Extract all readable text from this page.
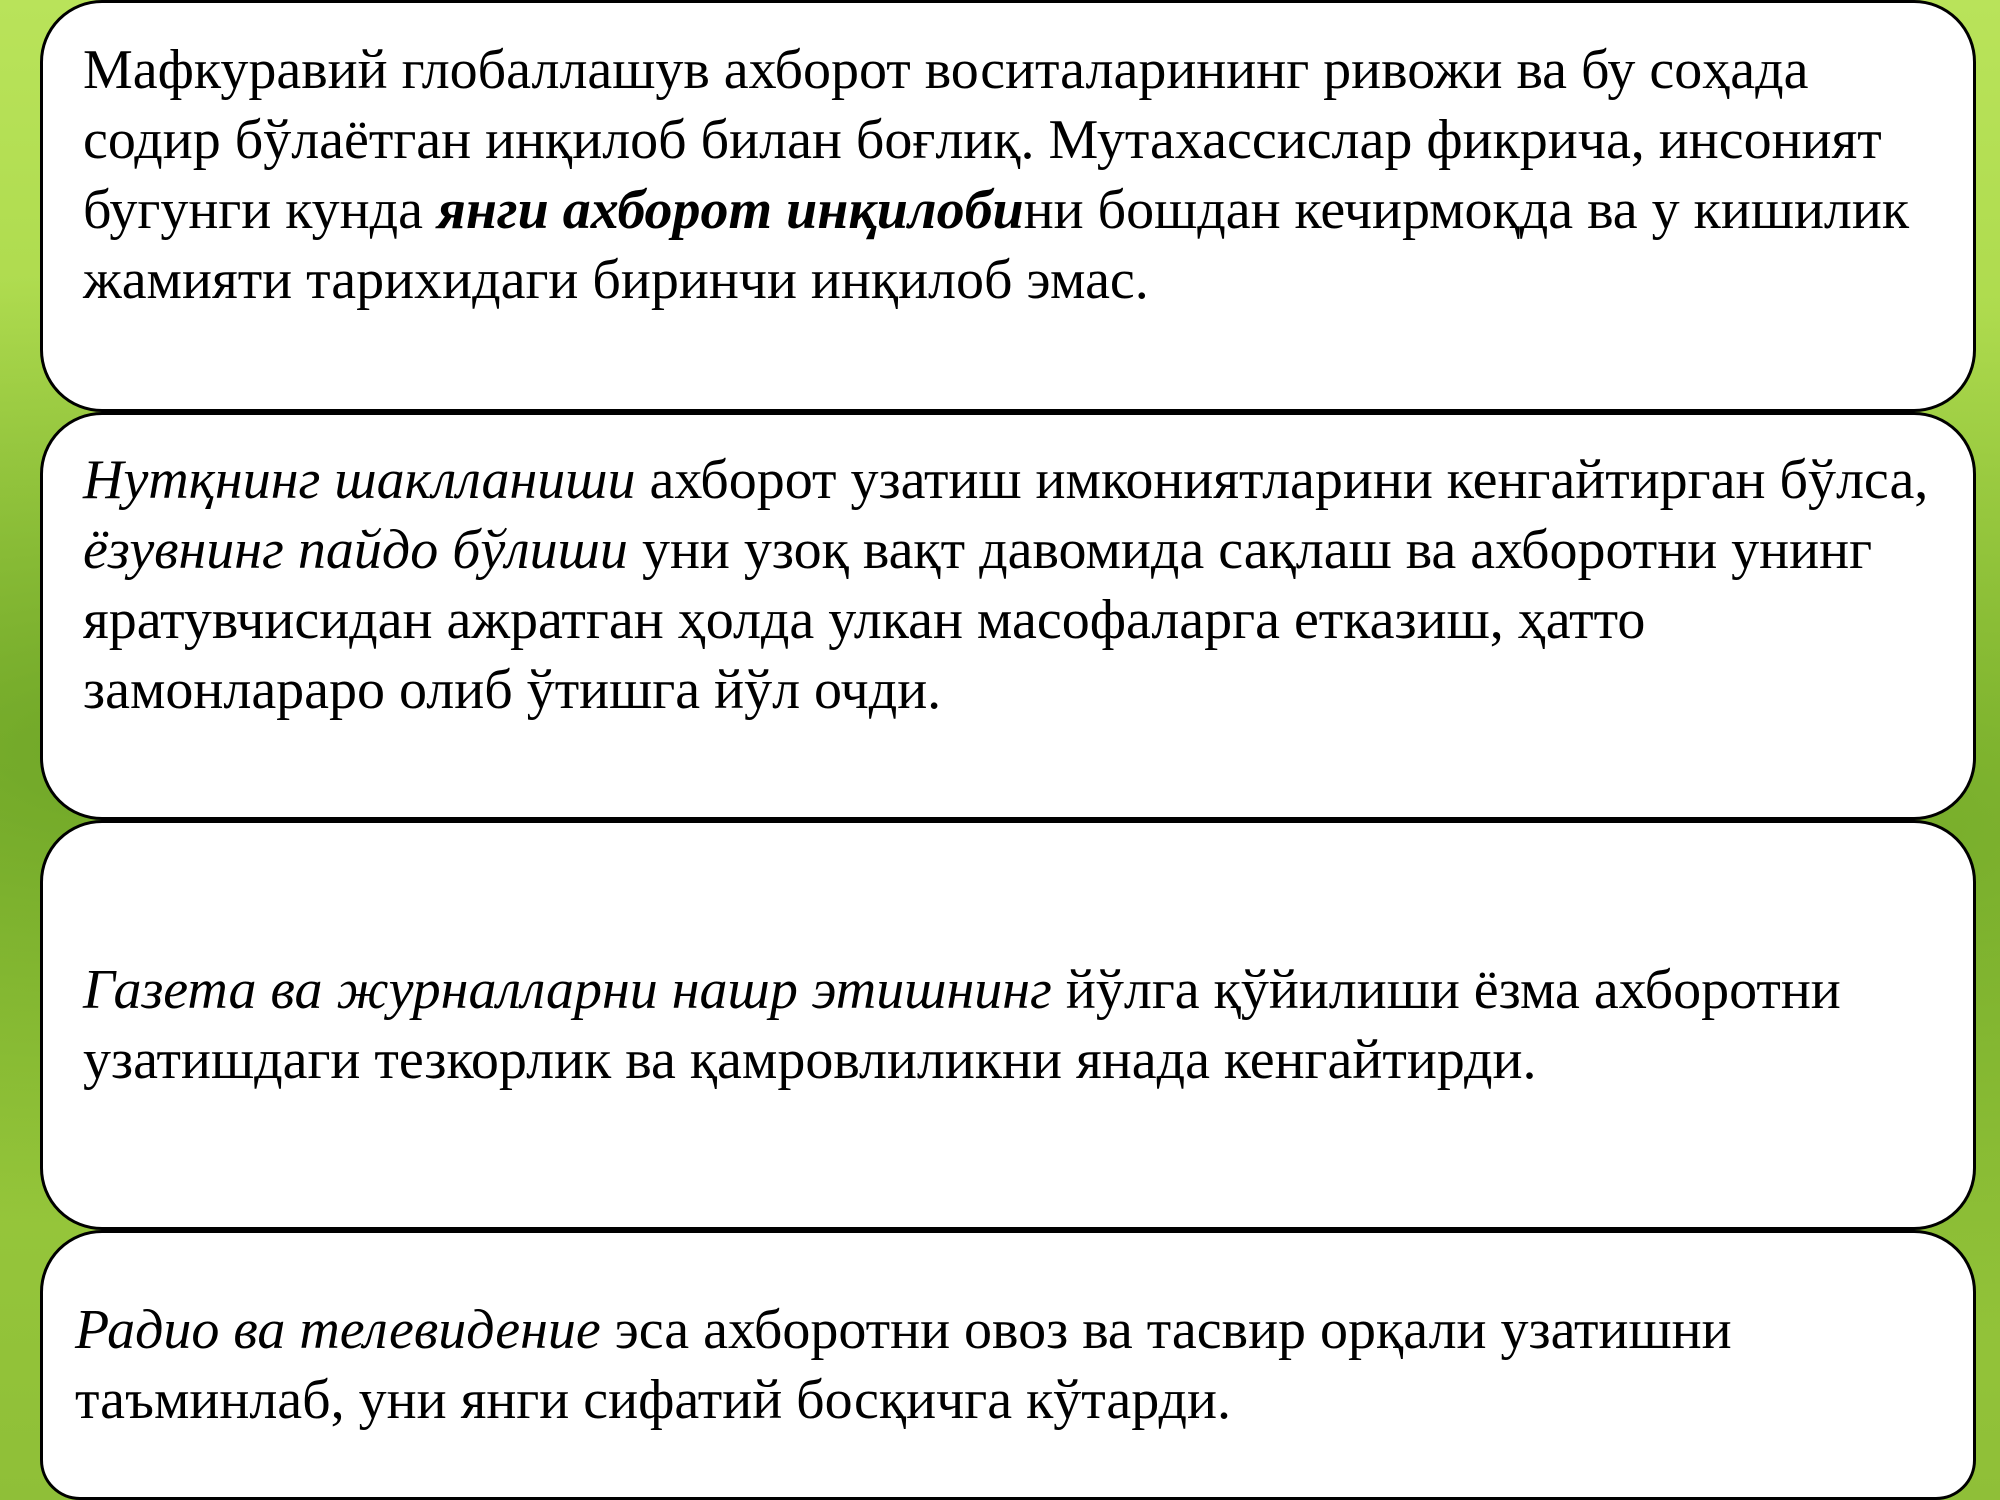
Мафкуравий глобаллашув ахборот воситаларининг ривожи ва бу соҳада содир бўлаётган инқилоб билан боғлиқ. Мутахассислар фикрича, инсоният бугунги кунда янги ахборот инқилобини бошдан кечирмоқда ва у кишилик жамияти тарихидаги биринчи инқилоб эмас.

Нутқнинг шаклланиши ахборот узатиш имкониятларини кенгайтирган бўлса, ёзувнинг пайдо бўлиши уни узоқ вақт давомида сақлаш ва ахборотни унинг яратувчисидан ажратган ҳолда улкан масофаларга етказиш, ҳатто замонлараро олиб ўтишга йўл очди.

Газета ва журналларни нашр этишнинг йўлга қўйилиши ёзма ахборотни узатишдаги тезкорлик ва қамровлиликни янада кенгайтирди.

Радио ва телевидение эса ахборотни овоз ва тасвир орқали узатишни таъминлаб, уни янги сифатий босқичга кўтарди.
